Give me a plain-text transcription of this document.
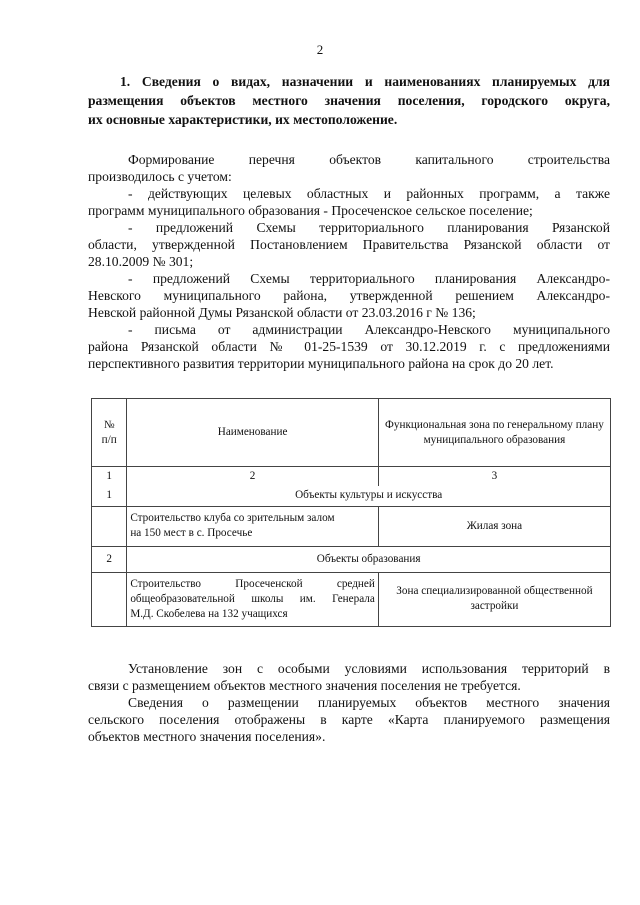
2
1. Сведения о видах, назначении и наименованиях планируемых для
размещения объектов местного значения поселения, городского округа,
их основные характеристики, их местоположение.
Формирование перечня объектов капитального строительства
производилось с учетом:
- действующих целевых областных и районных программ, а также
программ муниципального образования - Просеченское сельское поселение;
- предложений Схемы территориального планирования Рязанской
области, утвержденной Постановлением Правительства Рязанской области от
28.10.2009 № 301;
- предложений Схемы территориального планирования Александро-
Невского муниципального района, утвержденной решением Александро-
Невской районной Думы Рязанской области от 23.03.2016 г № 136;
- письма от администрации Александро-Невского муниципального
района Рязанской области № 01-25-1539 от 30.12.2019 г. с предложениями
перспективного развития территории муниципального района на срок до 20 лет.
№
п/п	Наименование	Функциональная зона по генеральному плану муниципального образования
1	2	3
1	Объекты культуры и искусства	

	Строительство клуба со зрительным залом
на 150 мест в с. Просечье	Жилая зона
2	Объекты образования	

	Строительство Просеченской средней
общеобразовательной школы им. Генерала
М.Д. Скобелева на 132 учащихся	Зона специализированной общественной застройки
Установление зон с особыми условиями использования территорий в
связи с размещением объектов местного значения поселения не требуется.
Сведения о размещении планируемых объектов местного значения
сельского поселения отображены в карте «Карта планируемого размещения
объектов местного значения поселения».
